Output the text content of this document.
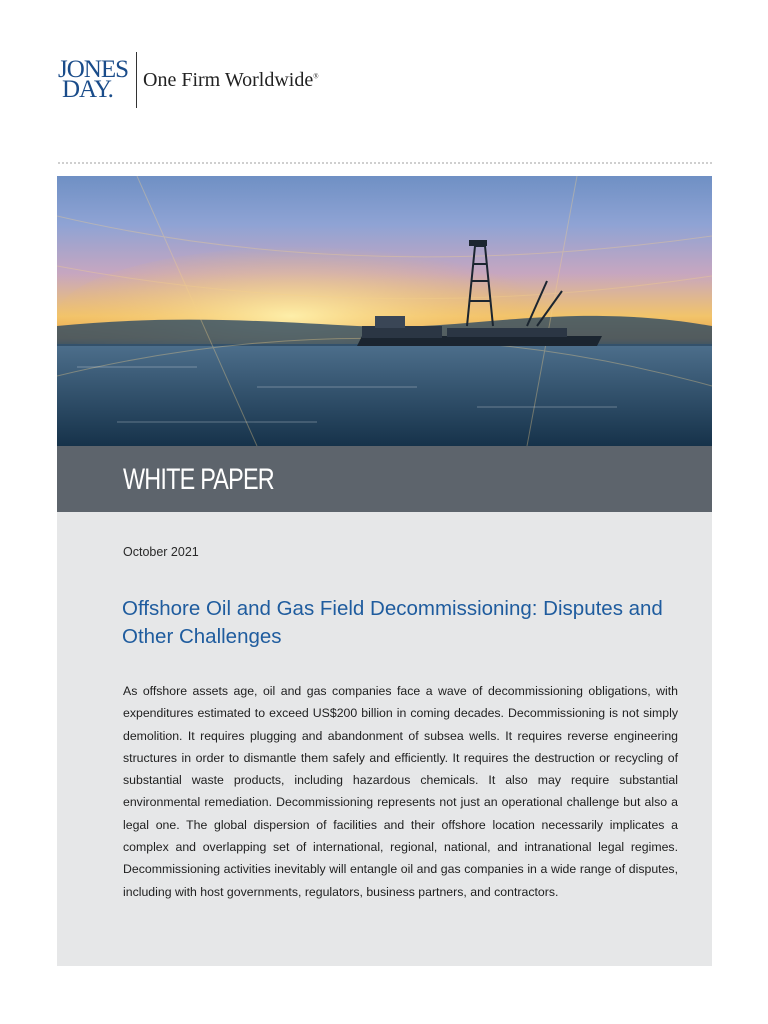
JONES
DAY.	One Firm Worldwide®
WHITE PAPER
October 2021
Offshore Oil and Gas Field Decommissioning: Disputes and Other Challenges

As offshore assets age, oil and gas companies face a wave of decommissioning obligations, with expenditures estimated to exceed US$200 billion in coming decades. Decommissioning is not simply demolition. It requires plugging and abandonment of subsea wells. It requires reverse engineering structures in order to dismantle them safely and efficiently. It requires the destruction or recycling of substantial waste products, including hazardous chemicals. It also may require substantial environmental remediation. Decommissioning represents not just an operational challenge but also a legal one. The global dispersion of facilities and their offshore location necessarily implicates a complex and overlapping set of international, regional, national, and intranational legal regimes. Decommissioning activities inevitably will entangle oil and gas companies in a wide range of disputes, including with host governments, regulators, business partners, and contractors.
